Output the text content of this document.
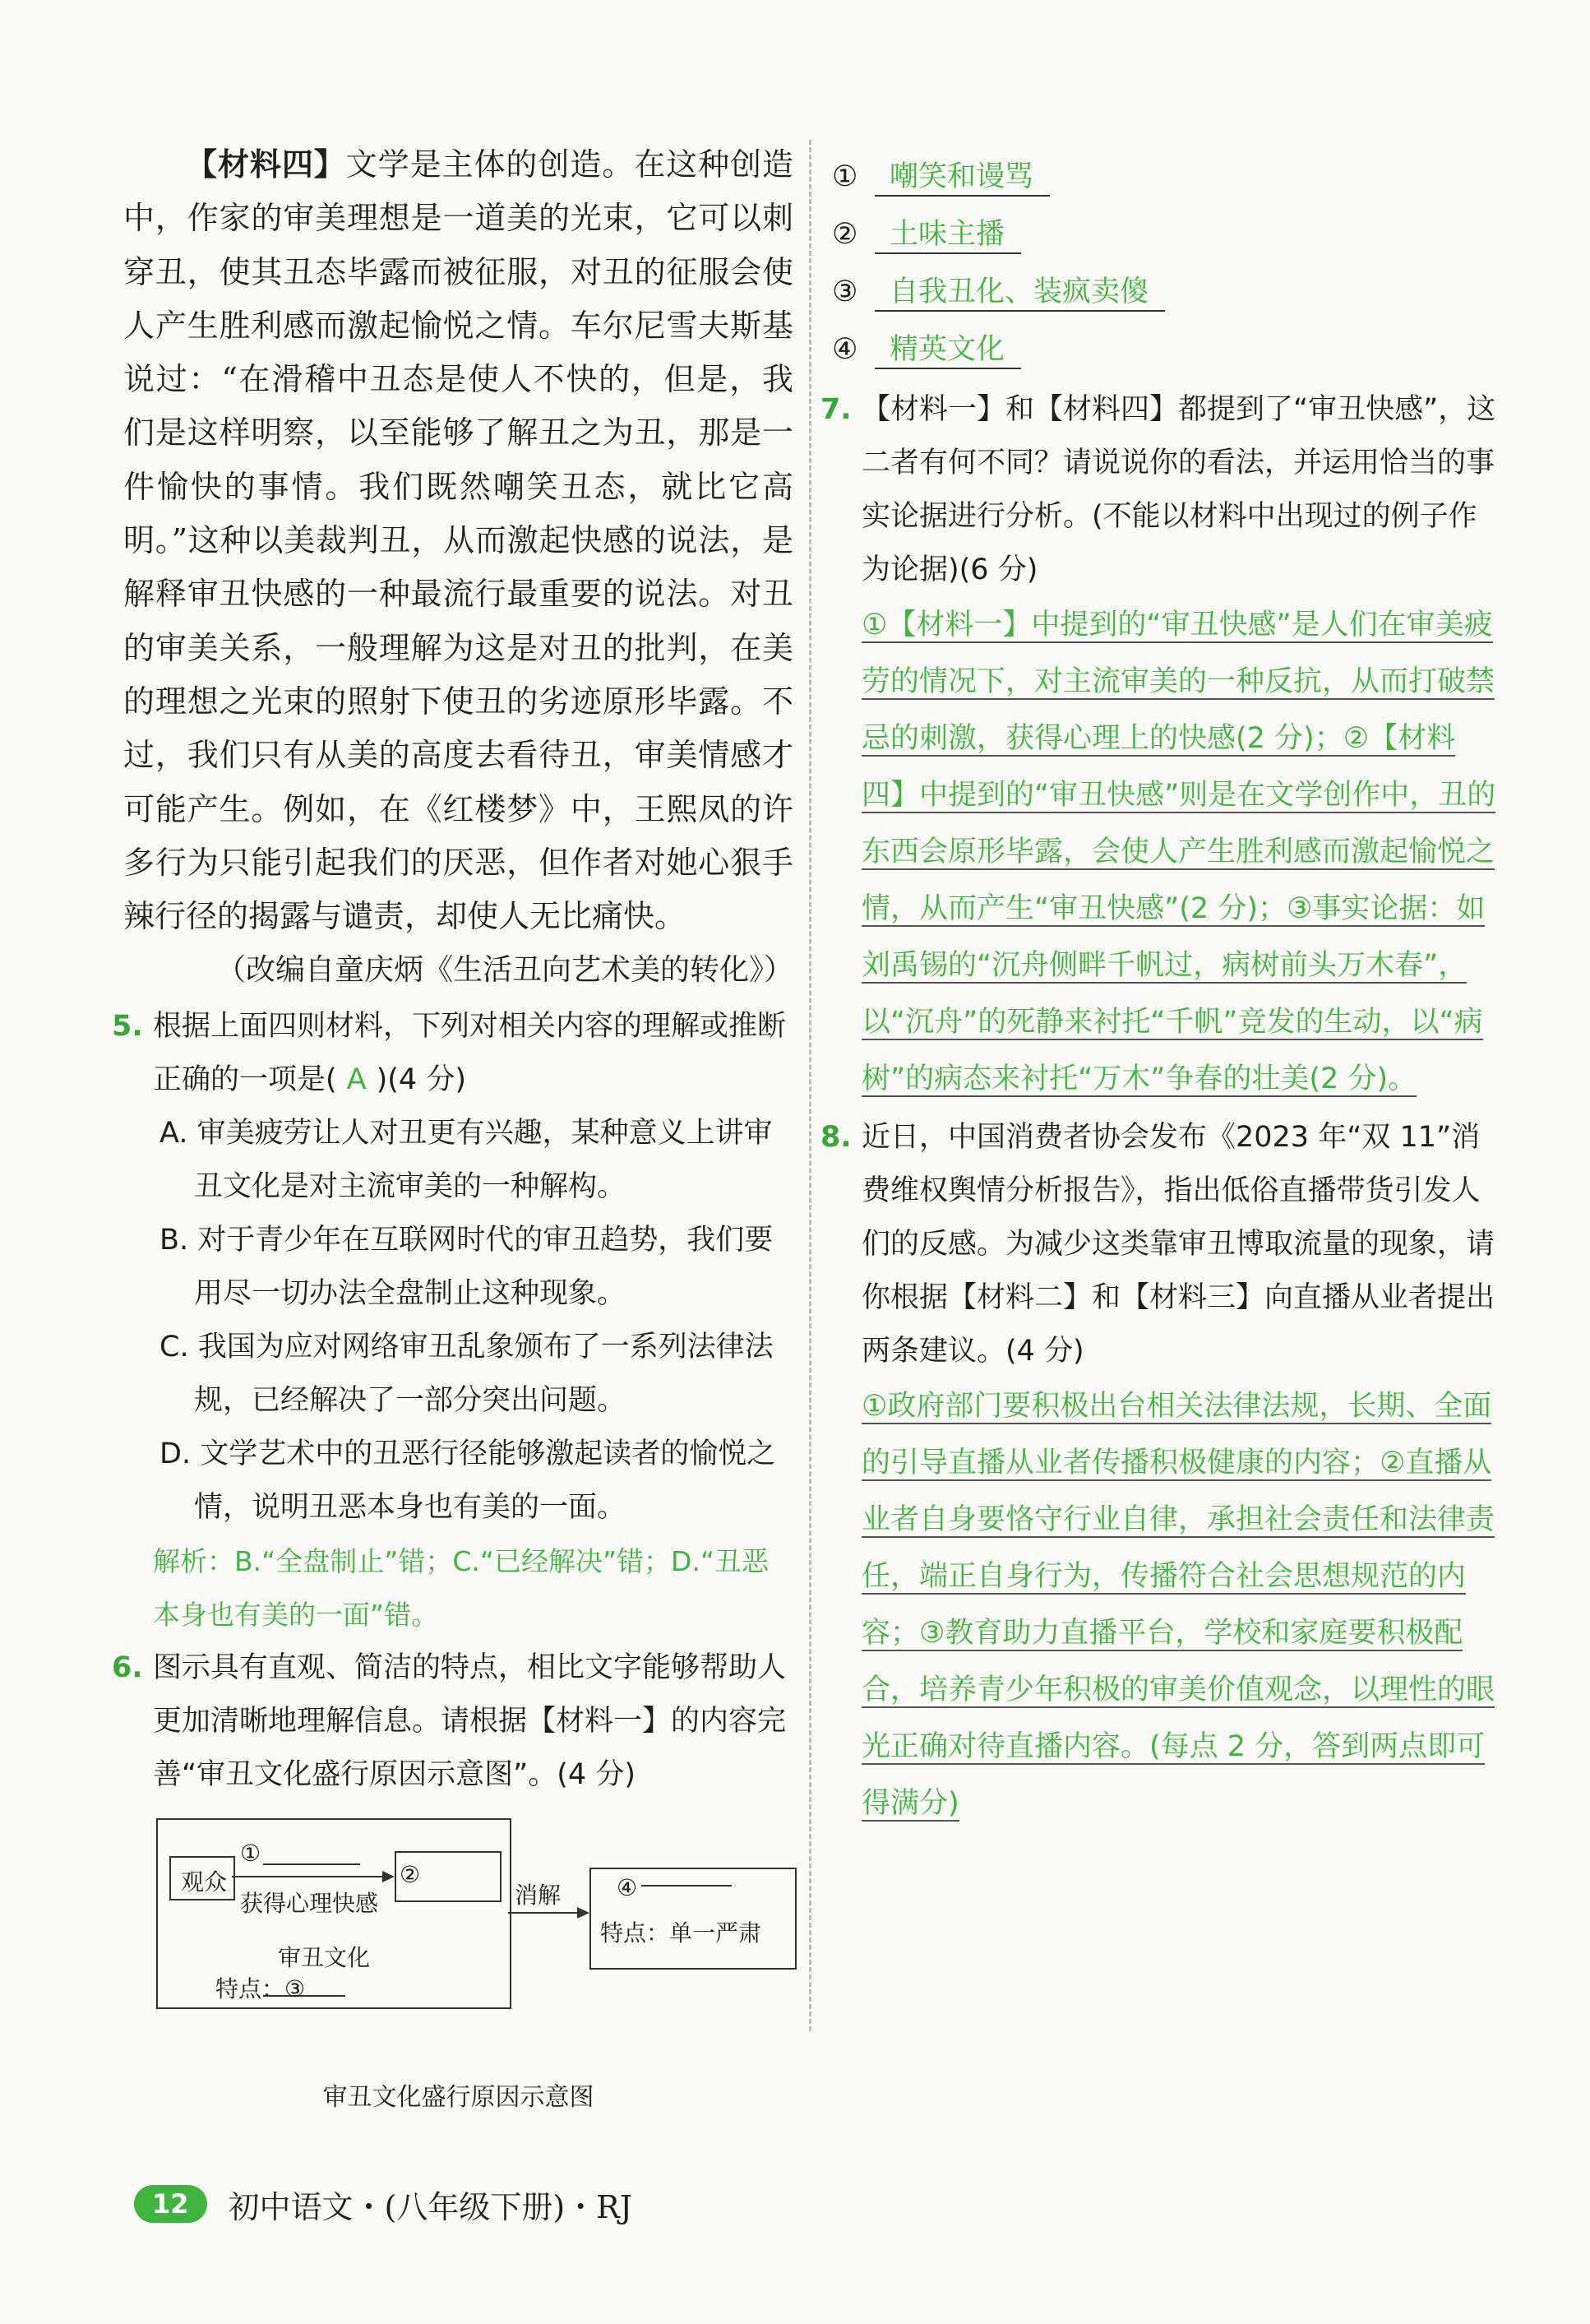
【材料四】文学是主体的创造。在这种创造中，作家的审美理想是一道美的光束，它可以刺穿丑，使其丑态毕露而被征服，对丑的征服会使人产生胜利感而激起愉悦之情。车尔尼雪夫斯基说过：“在滑稽中丑态是使人不快的，但是，我们是这样明察，以至能够了解丑之为丑，那是一件愉快的事情。我们既然嘲笑丑态，就比它高明。”这种以美裁判丑，从而激起快感的说法，是解释审丑快感的一种最流行最重要的说法。对丑的审美关系，一般理解为这是对丑的批判，在美的理想之光束的照射下使丑的劣迹原形毕露。不过，我们只有从美的高度去看待丑，审美情感才可能产生。例如，在《红楼梦》中，王熙凤的许多行为只能引起我们的厌恶，但作者对她心狠手辣行径的揭露与谴责，却使人无比痛快。

（改编自童庆炳《生活丑向艺术美的转化》）

5. 根据上面四则材料，下列对相关内容的理解或推断正确的一项是( A )(4 分)

A. 审美疲劳让人对丑更有兴趣，某种意义上讲审丑文化是对主流审美的一种解构。

B. 对于青少年在互联网时代的审丑趋势，我们要用尽一切办法全盘制止这种现象。

C. 我国为应对网络审丑乱象颁布了一系列法律法规，已经解决了一部分突出问题。

D. 文学艺术中的丑恶行径能够激起读者的愉悦之情，说明丑恶本身也有美的一面。

解析：B.“全盘制止”错；C.“已经解决”错；D.“丑恶本身也有美的一面”错。

6. 图示具有直观、简洁的特点，相比文字能够帮助人更加清晰地理解信息。请根据【材料一】的内容完善“审丑文化盛行原因示意图”。(4 分)

观众
①
获得心理快感
②
消解 ④
特点：单一严肃
审丑文化
特点：③
审丑文化盛行原因示意图

① 嘲笑和谩骂

② 土味主播

③ 自我丑化、装疯卖傻

④ 精英文化

7. 【材料一】和【材料四】都提到了“审丑快感”，这二者有何不同？请说说你的看法，并运用恰当的事实论据进行分析。(不能以材料中出现过的例子作为论据)(6 分)

①【材料一】中提到的“审丑快感”是人们在审美疲劳的情况下，对主流审美的一种反抗，从而打破禁忌的刺激，获得心理上的快感(2 分)；②【材料四】中提到的“审丑快感”则是在文学创作中，丑的东西会原形毕露，会使人产生胜利感而激起愉悦之情，从而产生“审丑快感”(2 分)；③事实论据：如刘禹锡的“沉舟侧畔千帆过，病树前头万木春”，以“沉舟”的死静来衬托“千帆”竞发的生动，以“病树”的病态来衬托“万木”争春的壮美(2 分)。

8. 近日，中国消费者协会发布《2023 年“双 11”消费维权舆情分析报告》，指出低俗直播带货引发人们的反感。为减少这类靠审丑博取流量的现象，请你根据【材料二】和【材料三】向直播从业者提出两条建议。(4 分)

①政府部门要积极出台相关法律法规，长期、全面的引导直播从业者传播积极健康的内容；②直播从业者自身要恪守行业自律，承担社会责任和法律责任，端正自身行为，传播符合社会思想规范的内容；③教育助力直播平台，学校和家庭要积极配合，培养青少年积极的审美价值观念，以理性的眼光正确对待直播内容。(每点 2 分，答到两点即可得满分)

12	初中语文・(八年级下册)・RJ
